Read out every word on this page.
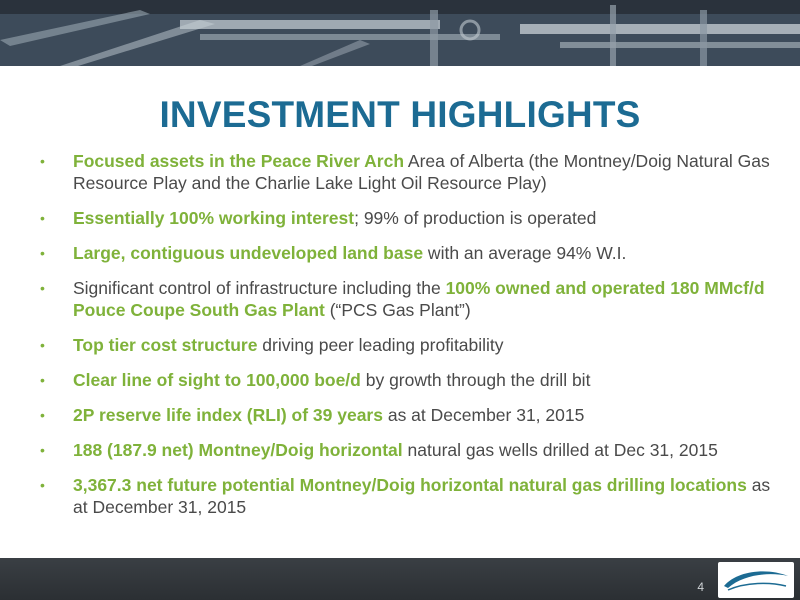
INVESTMENT HIGHLIGHTS
• Focused assets in the Peace River Arch Area of Alberta (the Montney/Doig Natural Gas Resource Play and the Charlie Lake Light Oil Resource Play)
• Essentially 100% working interest; 99% of production is operated
• Large, contiguous undeveloped land base with an average 94% W.I.
• Significant control of infrastructure including the 100% owned and operated 180 MMcf/d Pouce Coupe South Gas Plant (“PCS Gas Plant”)
• Top tier cost structure driving peer leading profitability
• Clear line of sight to 100,000 boe/d by growth through the drill bit
• 2P reserve life index (RLI) of 39 years as at December 31, 2015
• 188 (187.9 net) Montney/Doig horizontal natural gas wells drilled at Dec 31, 2015
• 3,367.3 net future potential Montney/Doig horizontal natural gas drilling locations as at December 31, 2015
4
